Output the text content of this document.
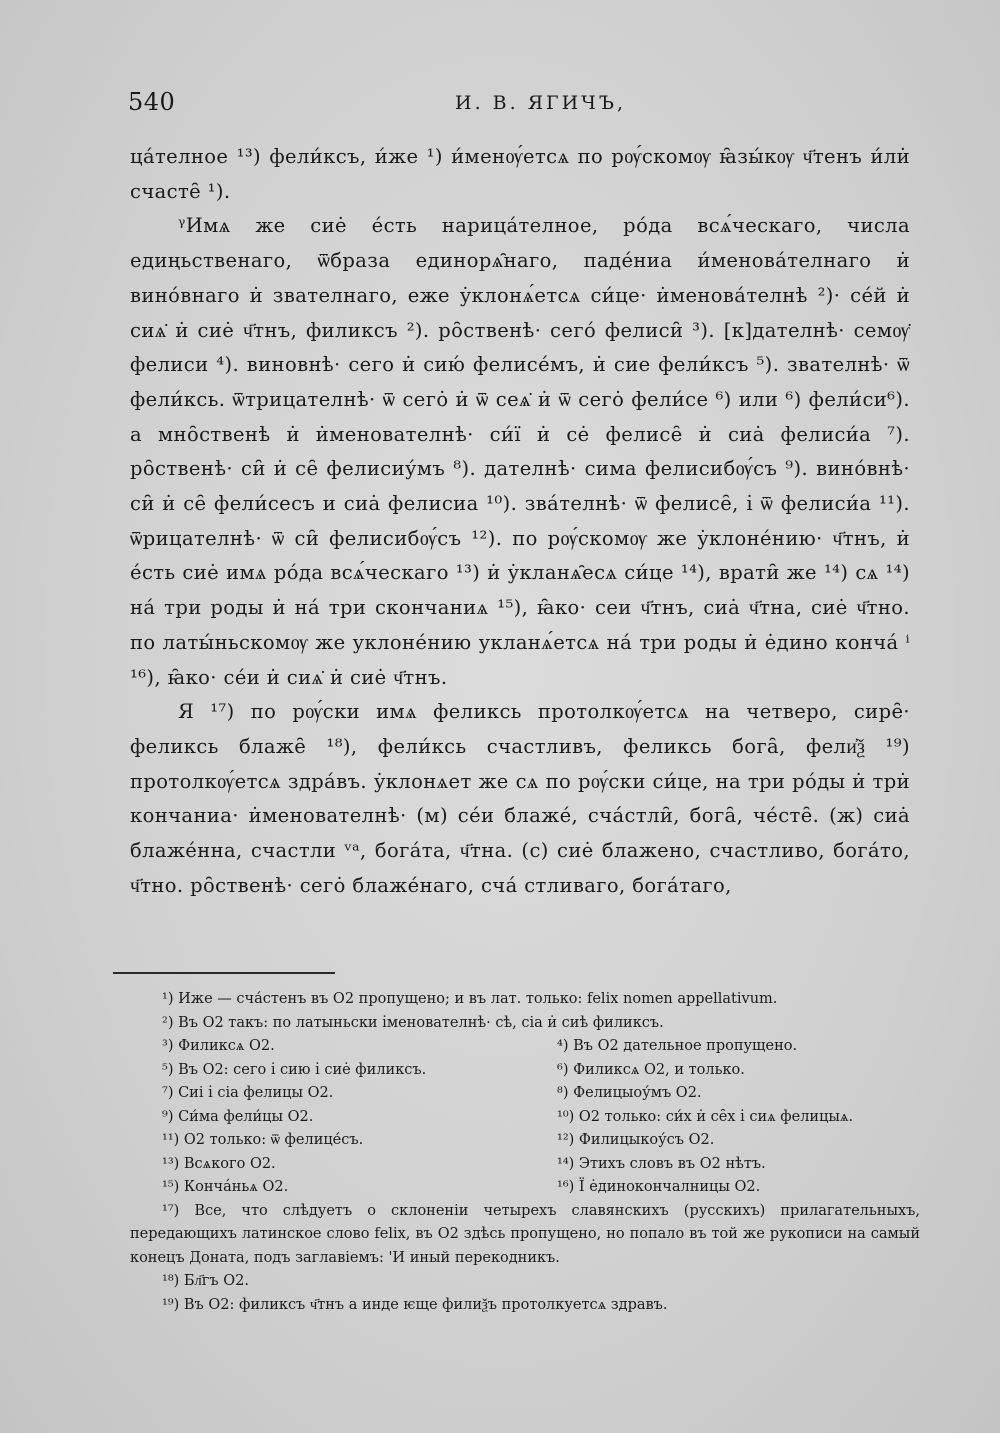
540	И. В. ЯГИЧЪ,

ца́телное ¹³) фели́ксъ, и́же ¹) и́менѹ́етсѧ по рѹ́скомѹ ꙗ̑зы́кѹ ч҃тенъ и́ли̇ счасте̑ ¹).

ᵞИмѧ же сие̇ е́сть нарица́телное, ро́да всѧ́ческаго, числа едиңьственаго, ѿбраза единорѧ̑наго, паде́ниа и́менова́телнаго и̇ вино́внаго и̇ звателнаго, еже у̇клонѧ́етсѧ си́це· и̇менова́телнѣ ²)· се́й и̇ сиѧ̇ и̇ сие̇ ч҃тнъ, филиксъ ²). ро̑ственѣ· сего́ фелиси̑ ³). [к]дателнѣ· семѹ̇ фелиси ⁴). виновнѣ· сего и̇ сию́ фелисе́мъ, и̇ сие фели́ксъ ⁵). звателнѣ· ѿ фели́ксь. ѿтрицателнѣ· ѿ сего̇ и̇ ѿ сеѧ̇ и̇ ѿ сего̇ фели́се ⁶) или ⁶) фели́си⁶). а мно̑ственѣ и̇ и̇менователнѣ· си́ї и̇ се̇ фелисе̑ и̇ сиа̇ фелиси́а ⁷). ро̑ственѣ· си̑ и̇ се̑ фелисиу́мъ ⁸). дателнѣ· сима фелисибѹ́съ ⁹). вино́внѣ· си̑ и̇ се̑ фели́сесъ и сиа̇ фелисиа ¹⁰). звáтелнѣ· ѿ фелисе̑, і̇ ѿ фелиси́а ¹¹). ѿрицателнѣ· ѿ си̑ фелисибѹ́съ ¹²). по рѹ́скомѹ же у̇клоне́нию· ч҃тнъ, и̇ е́сть сие̇ имѧ ро́да всѧ́ческаго ¹³) и̇ у̇кланѧ̑есѧ си́це ¹⁴), врати̑ же ¹⁴) сѧ ¹⁴) на́ три роды и̇ на́ три скончаниѧ ¹⁵), ꙗ̑ко· сеи ч҃тнъ, сиа̇ ч҃тна, сие̇ ч҃тно. по латы́ньскомѹ же уклоне́нию укланѧ́етсѧ на́ три роды и̇ е̇дино кончá ⁱ ¹⁶), ꙗ̑ко· се́и и̇ сиѧ̇ и̇ сие̇ ч҃тнъ.

Я ¹⁷) по рѹ́ски имѧ феликсь протолкѹ́етсѧ на четверо, сире̑· феликсь блаже̑ ¹⁸), фели́ксь счастливъ, феликсь бога̑, фели҆ѯ ¹⁹) протолкѹ́етсѧ здра́въ. у̇клонѧет же сѧ по рѹ́ски си́це, на три ро́ды и̇ три̇ кончаниа· и̇менователнѣ· (м) се́и блаже́, счáстли̑, бога̑, че́сте̑. (ж) сиа̇ блаже́нна, счастли ᵛᵃ, бога́та, ч҃тна. (с) сие̇ блажено, счастливо, бога́то, ч҃тно. ро̑ственѣ· сего̇ блаже́наго, счá стливаго, бога́таго,

¹) Иже — сча́стенъ въ О2 пропущено; и въ лат. только: felix nomen appellativum.

²) Въ О2 такъ: по латыньски і̇менователнѣ· сѣ, сіа и̇ сиѣ филиксъ.

³) Филиксѧ О2.	⁴) Въ О2 дательное пропущено.
⁵) Въ О2: сего і̇ сию і̇ сие̇ филиксъ.	⁶) Филиксѧ О2, и только.
⁷) Сиі і̇ сіа фелицы О2.	⁸) Фелицыоу́мъ О2.
⁹) Си́ма фели́цы О2.	¹⁰) О2 только: си́х и̇ се̑х і̇ сиѧ фелицыѧ.
¹¹) О2 только: ѿ фелице́съ.	¹²) Филицыкоу́съ О2.
¹³) Всѧкого О2.	¹⁴) Этихъ словъ въ О2 нѣтъ.
¹⁵) Кончáньѧ О2.	¹⁶) Ї е̇динокончалницы О2.

¹⁷) Все, что слѣдуетъ о склоненіи четырехъ славянскихъ (русскихъ) прилагательныхъ, передающихъ латинское слово felix, въ О2 здѣсь пропущено, но попало въ той же рукописи на самый конецъ Доната, подъ заглавіемъ: 'И иный перекодникъ.

¹⁸) Бл҃гъ О2.

¹⁹) Въ О2: филиксъ ч҃тнъ а инде ѥще филиѯъ протолкуетсѧ здравъ.
